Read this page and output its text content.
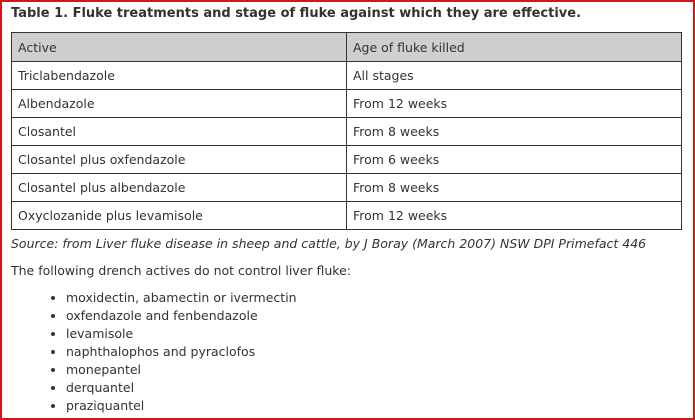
Table 1. Fluke treatments and stage of fluke against which they are effective.
Active	Age of fluke killed
Triclabendazole	All stages
Albendazole	From 12 weeks
Closantel	From 8 weeks
Closantel plus oxfendazole	From 6 weeks
Closantel plus albendazole	From 8 weeks
Oxyclozanide plus levamisole	From 12 weeks
Source: from Liver fluke disease in sheep and cattle, by J Boray (March 2007) NSW DPI Primefact 446
The following drench actives do not control liver fluke:
• moxidectin, abamectin or ivermectin
• oxfendazole and fenbendazole
• levamisole
• naphthalophos and pyraclofos
• monepantel
• derquantel
• praziquantel
